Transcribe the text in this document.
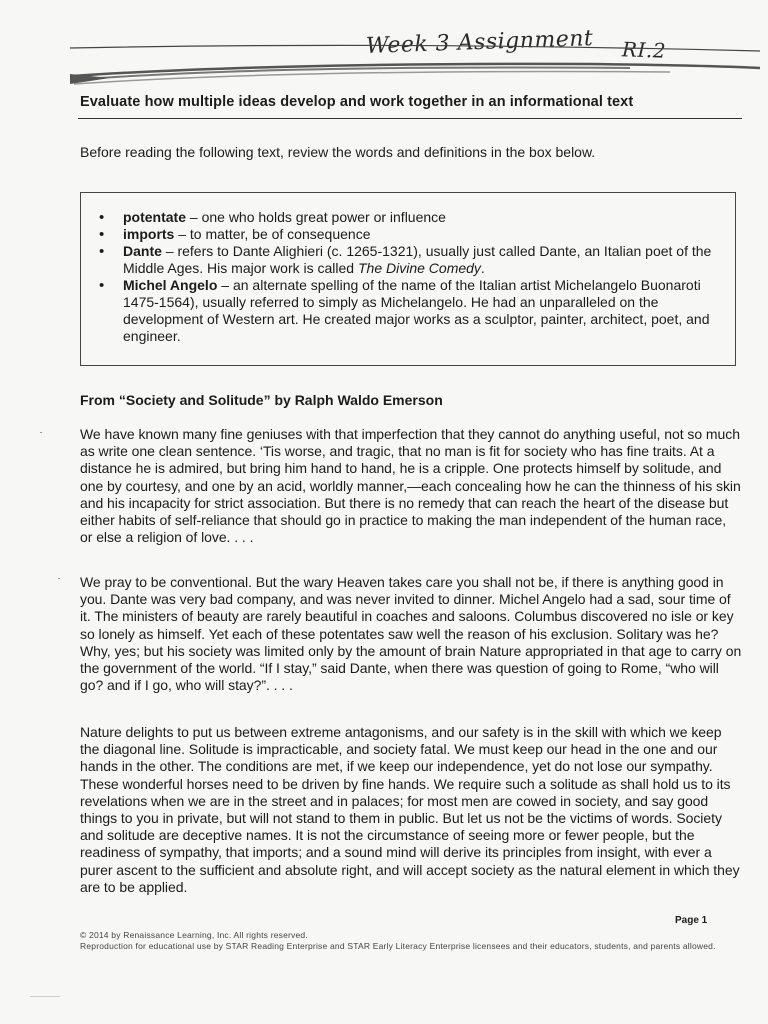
Week 3 Assignment RI.2
Evaluate how multiple ideas develop and work together in an informational text
Before reading the following text, review the words and definitions in the box below.
• potentate – one who holds great power or influence
• imports – to matter, be of consequence
• Dante – refers to Dante Alighieri (c. 1265-1321), usually just called Dante, an Italian poet of the Middle Ages. His major work is called The Divine Comedy.
• Michel Angelo – an alternate spelling of the name of the Italian artist Michelangelo Buonaroti 1475-1564), usually referred to simply as Michelangelo. He had an unparalleled on the development of Western art. He created major works as a sculptor, painter, architect, poet, and engineer.
From “Society and Solitude” by Ralph Waldo Emerson

We have known many fine geniuses with that imperfection that they cannot do anything useful, not so much as write one clean sentence. ‘Tis worse, and tragic, that no man is fit for society who has fine traits. At a distance he is admired, but bring him hand to hand, he is a cripple. One protects himself by solitude, and one by courtesy, and one by an acid, worldly manner,—each concealing how he can the thinness of his skin and his incapacity for strict association. But there is no remedy that can reach the heart of the disease but either habits of self-reliance that should go in practice to making the man independent of the human race, or else a religion of love. . . .

We pray to be conventional. But the wary Heaven takes care you shall not be, if there is anything good in you. Dante was very bad company, and was never invited to dinner. Michel Angelo had a sad, sour time of it. The ministers of beauty are rarely beautiful in coaches and saloons. Columbus discovered no isle or key so lonely as himself. Yet each of these potentates saw well the reason of his exclusion. Solitary was he? Why, yes; but his society was limited only by the amount of brain Nature appropriated in that age to carry on the government of the world. “If I stay,” said Dante, when there was question of going to Rome, “who will go? and if I go, who will stay?”. . . .

Nature delights to put us between extreme antagonisms, and our safety is in the skill with which we keep the diagonal line. Solitude is impracticable, and society fatal. We must keep our head in the one and our hands in the other. The conditions are met, if we keep our independence, yet do not lose our sympathy. These wonderful horses need to be driven by fine hands. We require such a solitude as shall hold us to its revelations when we are in the street and in palaces; for most men are cowed in society, and say good things to you in private, but will not stand to them in public. But let us not be the victims of words. Society and solitude are deceptive names. It is not the circumstance of seeing more or fewer people, but the readiness of sympathy, that imports; and a sound mind will derive its principles from insight, with ever a purer ascent to the sufficient and absolute right, and will accept society as the natural element in which they are to be applied.

Page 1
© 2014 by Renaissance Learning, Inc. All rights reserved.
Reproduction for educational use by STAR Reading Enterprise and STAR Early Literacy Enterprise licensees and their educators, students, and parents allowed.
